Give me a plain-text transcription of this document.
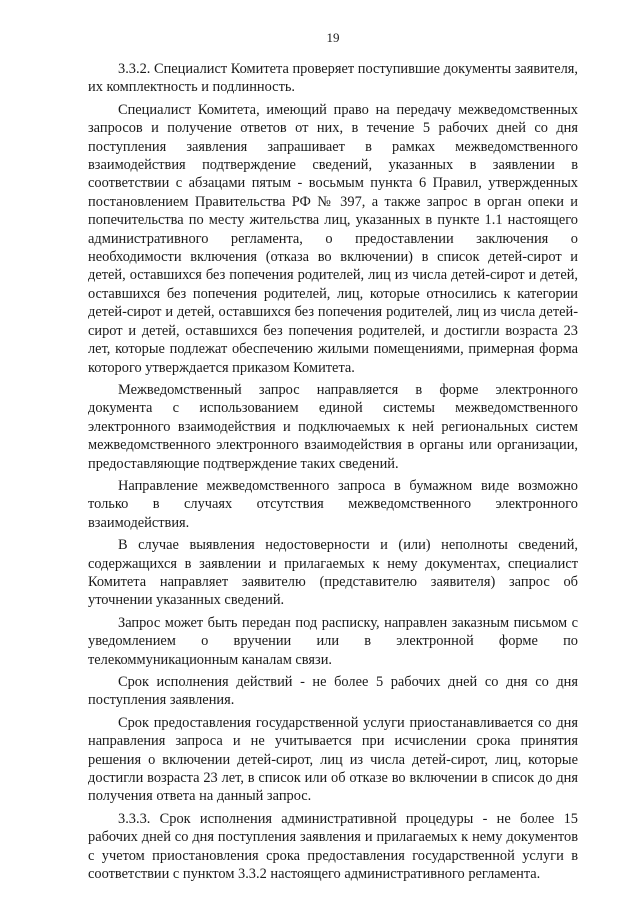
19

3.3.2. Специалист Комитета проверяет поступившие документы заявителя, их комплектность и подлинность.

Специалист Комитета, имеющий право на передачу межведомственных запросов и получение ответов от них, в течение 5 рабочих дней со дня поступления заявления запрашивает в рамках межведомственного взаимодействия подтверждение сведений, указанных в заявлении в соответствии с абзацами пятым - восьмым пункта 6 Правил, утвержденных постановлением Правительства РФ № 397, а также запрос в орган опеки и попечительства по месту жительства лиц, указанных в пункте 1.1 настоящего административного регламента, о предоставлении заключения о необходимости включения (отказа во включении) в список детей-сирот и детей, оставшихся без попечения родителей, лиц из числа детей-сирот и детей, оставшихся без попечения родителей, лиц, которые относились к категории детей-сирот и детей, оставшихся без попечения родителей, лиц из числа детей-сирот и детей, оставшихся без попечения родителей, и достигли возраста 23 лет, которые подлежат обеспечению жилыми помещениями, примерная форма которого утверждается приказом Комитета.

Межведомственный запрос направляется в форме электронного документа с использованием единой системы межведомственного электронного взаимодействия и подключаемых к ней региональных систем межведомственного электронного взаимодействия в органы или организации, предоставляющие подтверждение таких сведений.

Направление межведомственного запроса в бумажном виде возможно только в случаях отсутствия межведомственного электронного взаимодействия.

В случае выявления недостоверности и (или) неполноты сведений, содержащихся в заявлении и прилагаемых к нему документах, специалист Комитета направляет заявителю (представителю заявителя) запрос об уточнении указанных сведений.

Запрос может быть передан под расписку, направлен заказным письмом с уведомлением о вручении или в электронной форме по телекоммуникационным каналам связи.

Срок исполнения действий - не более 5 рабочих дней со дня со дня поступления заявления.

Срок предоставления государственной услуги приостанавливается со дня направления запроса и не учитывается при исчислении срока принятия решения о включении детей-сирот, лиц из числа детей-сирот, лиц, которые достигли возраста 23 лет, в список или об отказе во включении в список до дня получения ответа на данный запрос.

3.3.3. Срок исполнения административной процедуры - не более 15 рабочих дней со дня поступления заявления и прилагаемых к нему документов с учетом приостановления срока предоставления государственной услуги в соответствии с пунктом 3.3.2 настоящего административного регламента.
